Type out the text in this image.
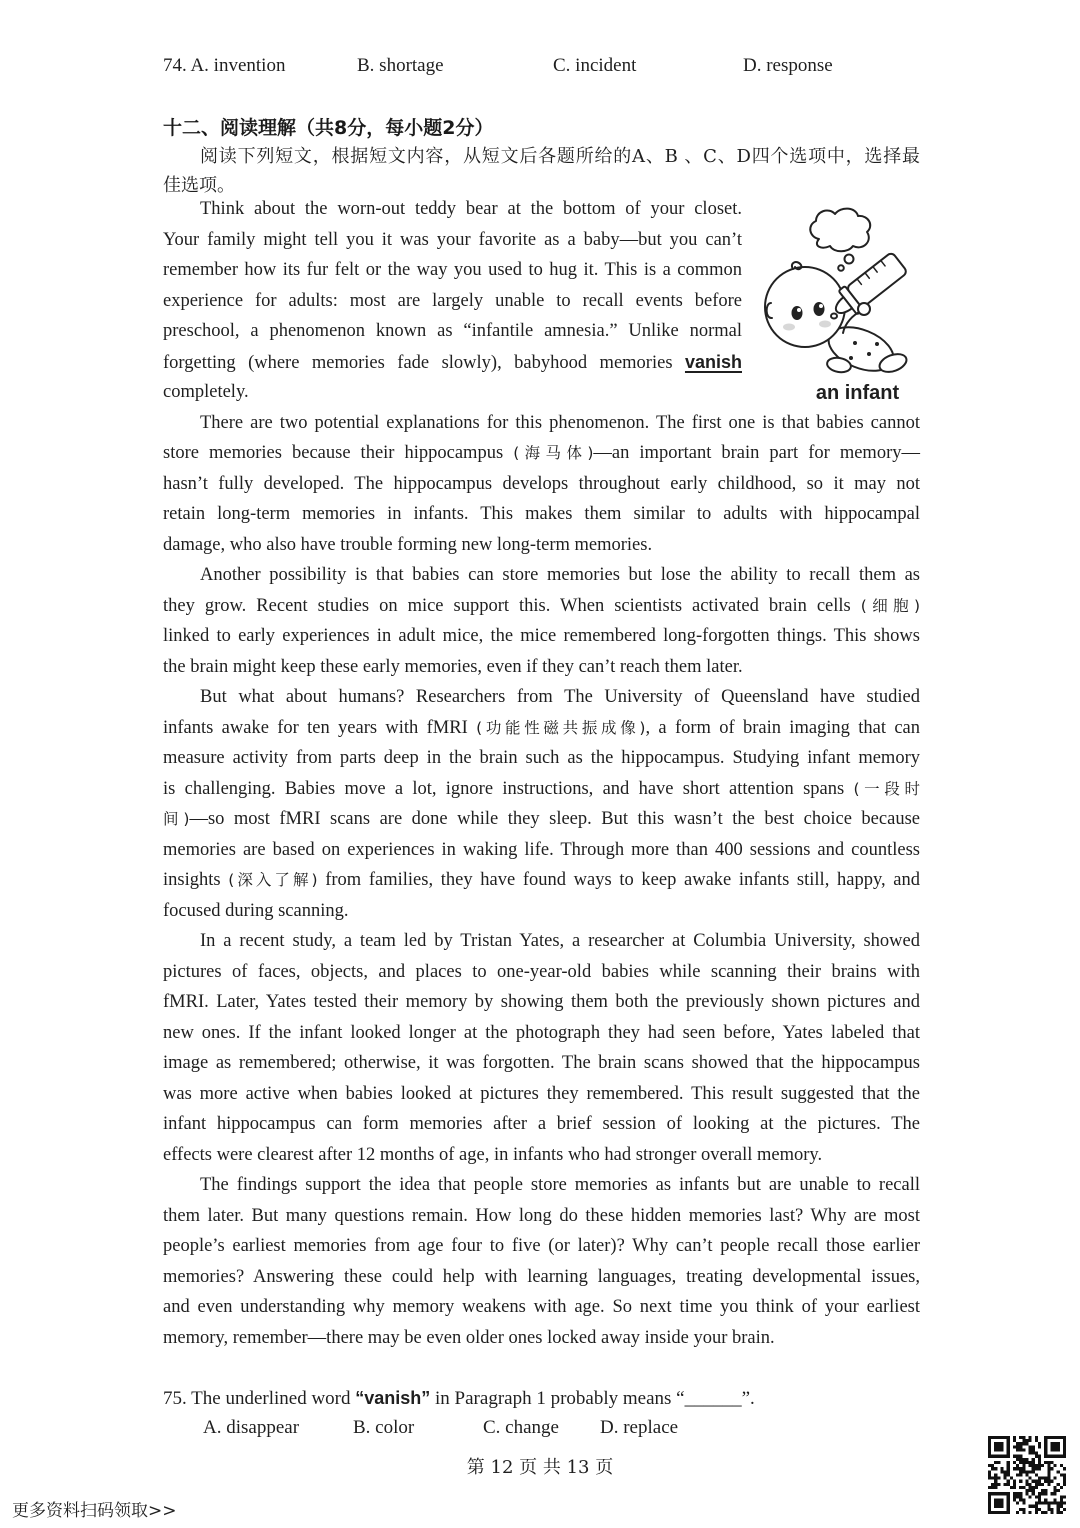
74. A. invention	B. shortage	C. incident	D. response
十二、阅读理解（共8分，每小题2分）
阅读下列短文，根据短文内容，从短文后各题所给的A、B 、C、D四个选项中，选择最
佳选项。
Think about the worn-out teddy bear at the bottom of your closet.
Your family might tell you it was your favorite as a baby—but you can’t
remember how its fur felt or the way you used to hug it. This is a common
experience for adults: most are largely unable to recall events before
preschool, a phenomenon known as “infantile amnesia.” Unlike normal
forgetting (where memories fade slowly), babyhood memories vanish
completely.
There are two potential explanations for this phenomenon. The first one is that babies cannot
store memories because their hippocampus (海马体)—an important brain part for memory—
hasn’t fully developed. The hippocampus develops throughout early childhood, so it may not
retain long-term memories in infants. This makes them similar to adults with hippocampal
damage, who also have trouble forming new long-term memories.
Another possibility is that babies can store memories but lose the ability to recall them as
they grow. Recent studies on mice support this. When scientists activated brain cells (细胞)
linked to early experiences in adult mice, the mice remembered long-forgotten things. This shows
the brain might keep these early memories, even if they can’t reach them later.
But what about humans? Researchers from The University of Queensland have studied
infants awake for ten years with fMRI (功能性磁共振成像), a form of brain imaging that can
measure activity from parts deep in the brain such as the hippocampus. Studying infant memory
is challenging. Babies move a lot, ignore instructions, and have short attention spans (一段时
间)—so most fMRI scans are done while they sleep. But this wasn’t the best choice because
memories are based on experiences in waking life. Through more than 400 sessions and countless
insights (深入了解) from families, they have found ways to keep awake infants still, happy, and
focused during scanning.
In a recent study, a team led by Tristan Yates, a researcher at Columbia University, showed
pictures of faces, objects, and places to one-year-old babies while scanning their brains with
fMRI. Later, Yates tested their memory by showing them both the previously shown pictures and
new ones. If the infant looked longer at the photograph they had seen before, Yates labeled that
image as remembered; otherwise, it was forgotten. The brain scans showed that the hippocampus
was more active when babies looked at pictures they remembered. This result suggested that the
infant hippocampus can form memories after a brief session of looking at the pictures. The
effects were clearest after 12 months of age, in infants who had stronger overall memory.
The findings support the idea that people store memories as infants but are unable to recall
them later. But many questions remain. How long do these hidden memories last? Why are most
people’s earliest memories from age four to five (or later)? Why can’t people recall those earlier
memories? Answering these could help with learning languages, treating developmental issues,
and even understanding why memory weakens with age. So next time you think of your earliest
memory, remember—there may be even older ones locked away inside your brain.
an infant
75. The underlined word “vanish” in Paragraph 1 probably means “______”.
A. disappear	B. color	C. change D. replace
第 12 页 共 13 页
更多资料扫码领取>>
